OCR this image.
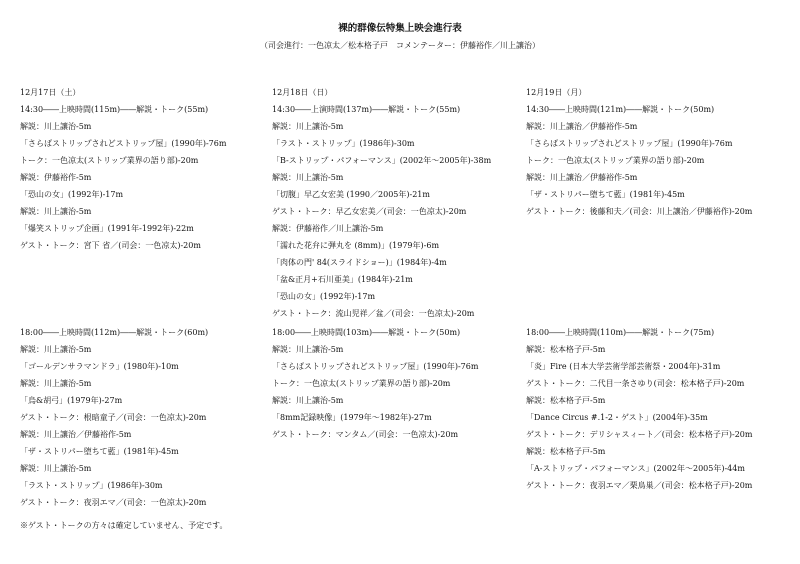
裸的群像伝特集上映会進行表
（司会進行：一色凉太／松本格子戸　コメンテーター：伊藤裕作／川上讓治）
12月17日（土）
14:30――上映時間(115m)――解説・トーク(55m)
解説：川上讓治-5m
「さらばストリップされどストリップ屋」(1990年)-76m
トーク：一色凉太(ストリップ業界の語り部)-20m
解説：伊藤裕作-5m
「恐山の女」(1992年)-17m
解説：川上讓治-5m
「爆笑ストリップ企画」(1991年-1992年)-22m
ゲスト・トーク：宮下 省／(司会：一色凉太)-20m
12月18日（日）
14:30――上演時間(137m)――解説・トーク(55m)
解説：川上讓治-5m
「ラスト・ストリップ」(1986年)-30m
「B-ストリップ・パフォーマンス」(2002年～2005年)-38m
解説：川上讓治-5m
「切腹」早乙女宏美 (1990／2005年)-21m
ゲスト・トーク：早乙女宏美／(司会：一色凉太)-20m
解説：伊藤裕作／川上讓治-5m
「濡れた花弁に弾丸を (8mm)」(1979年)-6m
「肉体の門' 84(スライドショー)」(1984年)-4m
「盆&正月+石川亜美」(1984年)-21m
「恐山の女」(1992年)-17m
ゲスト・トーク：流山児祥／盆／(司会：一色凉太)-20m
12月19日（月）
14:30――上映時間(121m)――解説・トーク(50m)
解説：川上讓治／伊藤裕作-5m
「さらばストリップされどストリップ屋」(1990年)-76m
トーク：一色凉太(ストリップ業界の語り部)-20m
解説：川上讓治／伊藤裕作-5m
「ザ・ストリパー堕ちて藍」(1981年)-45m
ゲスト・トーク：後藤和夫／(司会：川上讓治／伊藤裕作)-20m
18:00――上映時間(112m)――解説・トーク(60m)
解説：川上讓治-5m
「ゴールデンサラマンドラ」(1980年)-10m
解説：川上讓治-5m
「烏&胡弓」(1979年)-27m
ゲスト・トーク：根暗童子／(司会：一色凉太)-20m
解説：川上讓治／伊藤裕作-5m
「ザ・ストリパー堕ちて藍」(1981年)-45m
解説：川上讓治-5m
「ラスト・ストリップ」(1986年)-30m
ゲスト・トーク：夜羽エマ／(司会：一色凉太)-20m
18:00――上映時間(103m)――解説・トーク(50m)
解説：川上讓治-5m
「さらばストリップされどストリップ屋」(1990年)-76m
トーク：一色凉太(ストリップ業界の語り部)-20m
解説：川上讓治-5m
「8mm記録映像」(1979年～1982年)-27m
ゲスト・トーク：マンタム／(司会：一色凉太)-20m
18:00――上映時間(110m)――解説・トーク(75m)
解説：松本格子戸-5m
「炎」Fire (日本大学芸術学部芸術祭・2004年)-31m
ゲスト・トーク：二代目一条さゆり(司会：松本格子戸)-20m
解説：松本格子戸-5m
「Dance Circus #.1-2・ゲスト」(2004年)-35m
ゲスト・トーク：デリシャスィート／(司会：松本格子戸)-20m
解説：松本格子戸-5m
「A-ストリップ・パフォーマンス」(2002年～2005年)-44m
ゲスト・トーク：夜羽エマ／栗鳥巣／(司会：松本格子戸)-20m
※ゲスト・トークの方々は確定していません、予定です。
